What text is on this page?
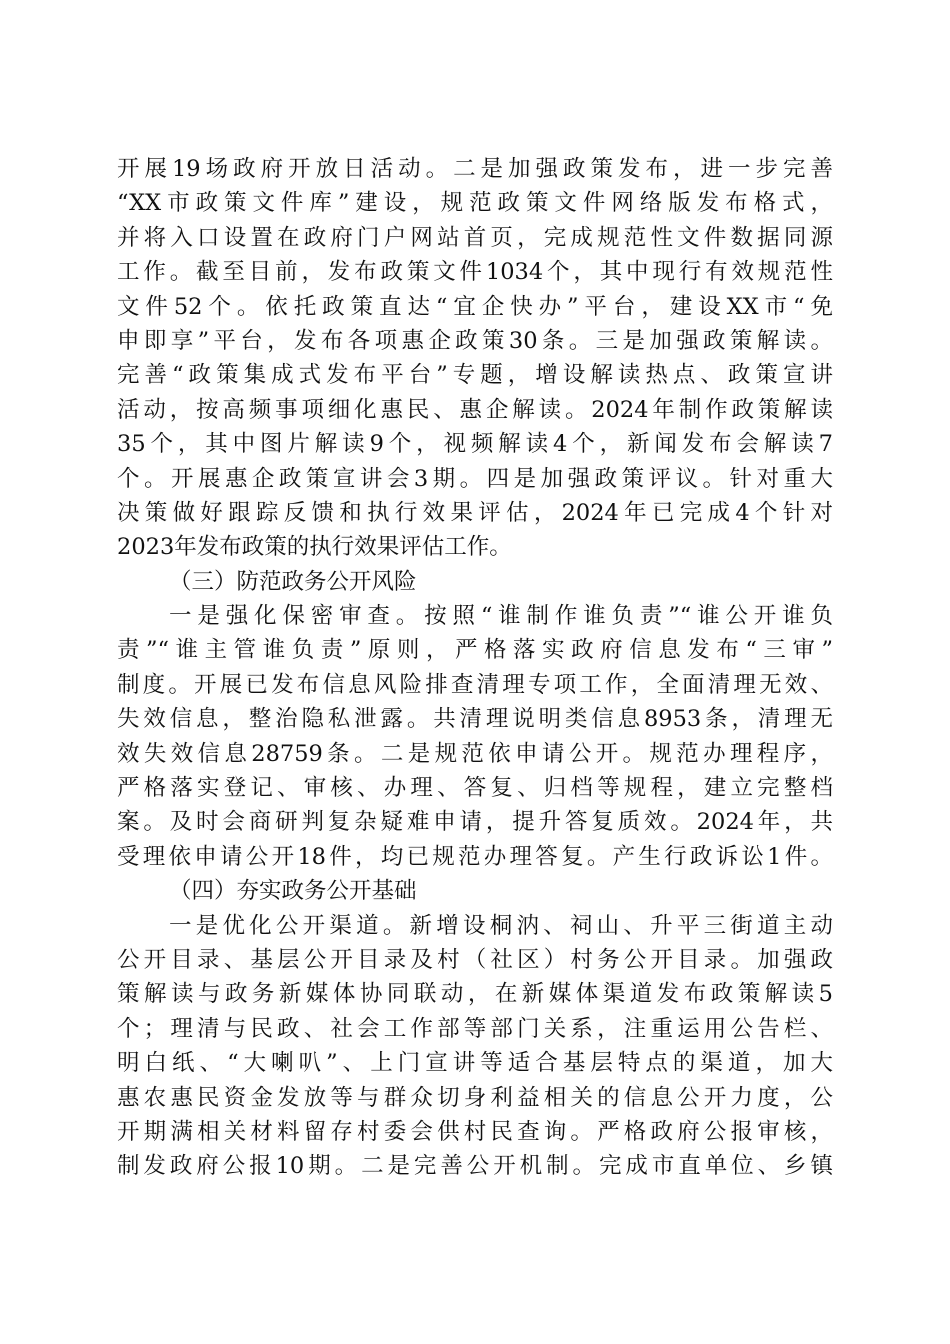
开展19场政府开放日活动。二是加强政策发布，进一步完善
“XX市政策文件库”建设，规范政策文件网络版发布格式，
并将入口设置在政府门户网站首页，完成规范性文件数据同源
工作。截至目前，发布政策文件1034个，其中现行有效规范性
文件52个。依托政策直达“宜企快办”平台，建设XX市“免
申即享”平台，发布各项惠企政策30条。三是加强政策解读。
完善“政策集成式发布平台”专题，增设解读热点、政策宣讲
活动，按高频事项细化惠民、惠企解读。2024年制作政策解读
35个，其中图片解读9个，视频解读4个，新闻发布会解读7
个。开展惠企政策宣讲会3期。四是加强政策评议。针对重大
决策做好跟踪反馈和执行效果评估，2024年已完成4个针对
2023年发布政策的执行效果评估工作。
（三）防范政务公开风险
一是强化保密审查。按照“谁制作谁负责”“谁公开谁负
责”“谁主管谁负责”原则，严格落实政府信息发布“三审”
制度。开展已发布信息风险排查清理专项工作，全面清理无效、
失效信息，整治隐私泄露。共清理说明类信息8953条，清理无
效失效信息28759条。二是规范依申请公开。规范办理程序，
严格落实登记、审核、办理、答复、归档等规程，建立完整档
案。及时会商研判复杂疑难申请，提升答复质效。2024年，共
受理依申请公开18件，均已规范办理答复。产生行政诉讼1件。
（四）夯实政务公开基础
一是优化公开渠道。新增设桐汭、祠山、升平三街道主动
公开目录、基层公开目录及村（社区）村务公开目录。加强政
策解读与政务新媒体协同联动，在新媒体渠道发布政策解读5
个；理清与民政、社会工作部等部门关系，注重运用公告栏、
明白纸、“大喇叭”、上门宣讲等适合基层特点的渠道，加大
惠农惠民资金发放等与群众切身利益相关的信息公开力度，公
开期满相关材料留存村委会供村民查询。严格政府公报审核，
制发政府公报10期。二是完善公开机制。完成市直单位、乡镇
